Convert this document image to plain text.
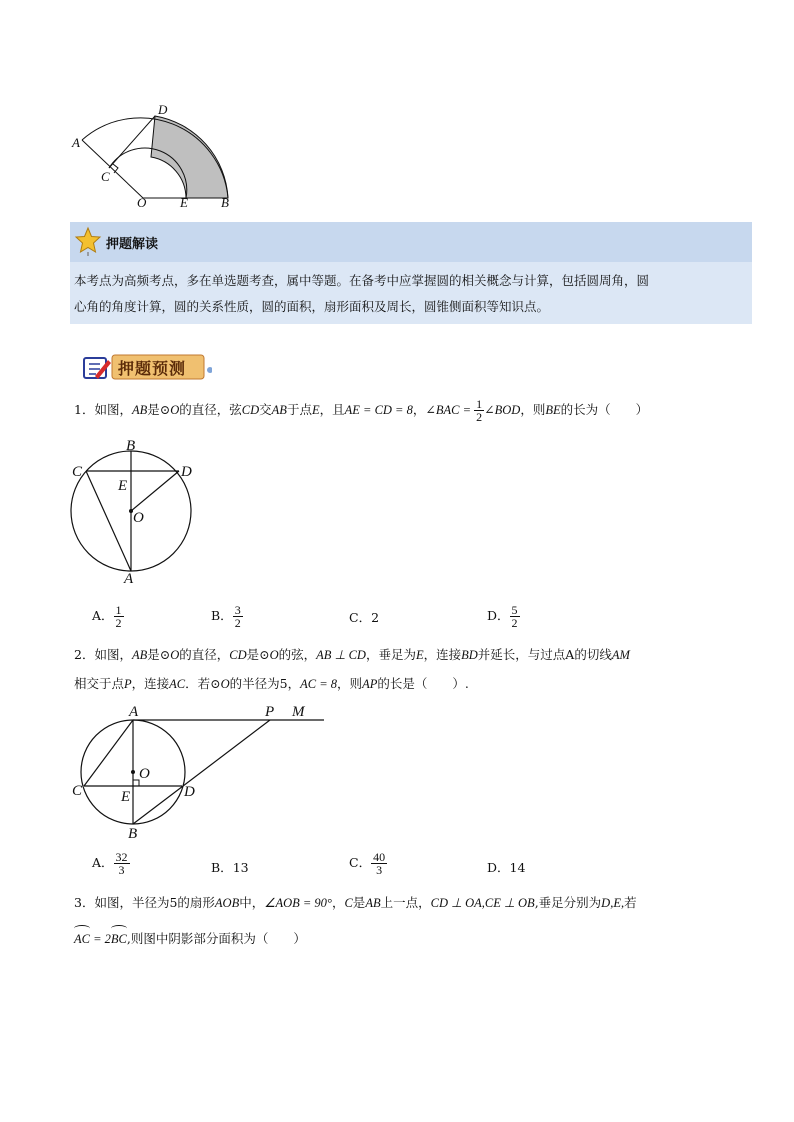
D
A
C
O	E	B
押题解读
本考点为高频考点，多在单选题考查，属中等题。在备考中应掌握圆的相关概念与计算，包括圆周角，圆
心角的角度计算，圆的关系性质，圆的面积，扇形面积及周长，圆锥侧面积等知识点。
押题预测
1．如图，AB是⊙O的直径，弦CD交AB于点E，且AE = CD = 8，∠BAC = $\frac{1}{2}$ ∠BOD，则BE的长为（　　）
B
C	D
E
O
A
A． $\frac{1}{2}$	B． $\frac{3}{2}$	C．2	D． $\frac{5}{2}$
2．如图，AB是⊙O的直径，CD是⊙O的弦，AB ⊥ CD，垂足为E，连接BD并延长，与过点A的切线AM
相交于点P，连接AC．若⊙O的半径为5，AC = 8，则AP的长是（　　）.
A	P M
O
C	E	D
B
A． $\frac{32}{3}$	B．13	C． $\frac{40}{3}$	D．14
3．如图，半径为5的扇形AOB中，∠AOB = 90°，C是AB上一点，CD ⊥ OA,CE ⊥ OB,垂足分别为D,E,若
AC = 2BC,则图中阴影部分面积为（　　）
